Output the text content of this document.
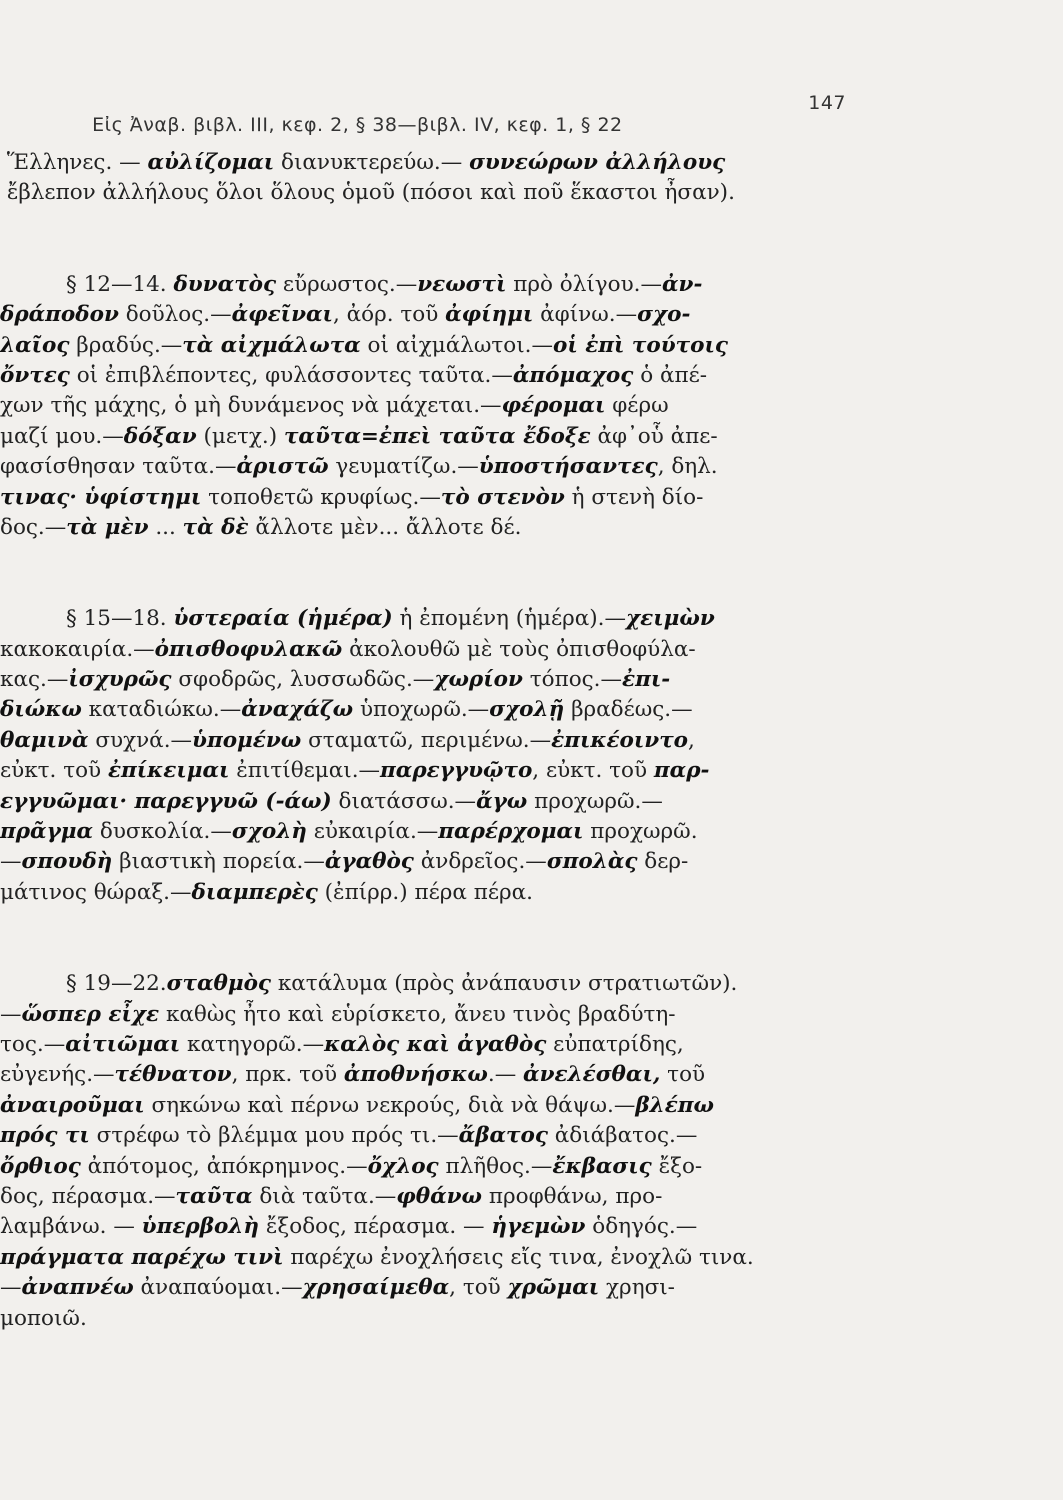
Εἰς Ἀναβ. βιβλ. ΙΙΙ, κεφ. 2, § 38—βιβλ. IV, κεφ. 1, § 22

147

Ἕλληνες. — αὐλίζομαι διανυκτερεύω.— συνεώρων ἀλλήλους
ἔβλεπον ἀλλήλους ὅλοι ὅλους ὁμοῦ (πόσοι καὶ ποῦ ἕκαστοι ἦσαν).
§ 12—14. δυνατὸς εὔρωστος.—νεωστὶ πρὸ ὀλίγου.—ἀν-
δράποδον δοῦλος.—ἀφεῖναι, ἀόρ. τοῦ ἀφίημι ἀφίνω.—σχο-
λαῖος βραδύς.—τὰ αἰχμάλωτα οἱ αἰχμάλωτοι.—οἱ ἐπὶ τούτοις
ὄντες οἱ ἐπιβλέποντες, φυλάσσοντες ταῦτα.—ἀπόμαχος ὁ ἀπέ-
χων τῆς μάχης, ὁ μὴ δυνάμενος νὰ μάχεται.—φέρομαι φέρω
μαζί μου.—δόξαν (μετχ.) ταῦτα=ἐπεὶ ταῦτα ἔδοξε ἀφ᾽οὗ ἀπε-
φασίσθησαν ταῦτα.—ἀριστῶ γευματίζω.—ὑποστήσαντες, δηλ.
τινας· ὑφίστημι τοποθετῶ κρυφίως.—τὸ στενὸν ἡ στενὴ δίο-
δος.—τὰ μὲν ... τὰ δὲ ἄλλοτε μὲν... ἄλλοτε δέ.
§ 15—18. ὑστεραία (ἡμέρα) ἡ ἐπομένη (ἡμέρα).—χειμὼν
κακοκαιρία.—ὀπισθοφυλακῶ ἀκολουθῶ μὲ τοὺς ὀπισθοφύλα-
κας.—ἰσχυρῶς σφοδρῶς, λυσσωδῶς.—χωρίον τόπος.—ἐπι-
διώκω καταδιώκω.—ἀναχάζω ὑποχωρῶ.—σχολῇ βραδέως.—
θαμινὰ συχνά.—ὑπομένω σταματῶ, περιμένω.—ἐπικέοιντο,
εὐκτ. τοῦ ἐπίκειμαι ἐπιτίθεμαι.—παρεγγυῷτο, εὐκτ. τοῦ παρ-
εγγυῶμαι· παρεγγυῶ (-άω) διατάσσω.—ἄγω προχωρῶ.—
πρᾶγμα δυσκολία.—σχολὴ εὐκαιρία.—παρέρχομαι προχωρῶ.
—σπουδὴ βιαστικὴ πορεία.—ἀγαθὸς ἀνδρεῖος.—σπολὰς δερ-
μάτινος θώραξ.—διαμπερὲς (ἐπίρρ.) πέρα πέρα.
§ 19—22.σταθμὸς κατάλυμα (πρὸς ἀνάπαυσιν στρατιωτῶν).
—ὥσπερ εἶχε καθὼς ἦτο καὶ εὑρίσκετο, ἄνευ τινὸς βραδύτη-
τος.—αἰτιῶμαι κατηγορῶ.—καλὸς καὶ ἀγαθὸς εὐπατρίδης,
εὐγενής.—τέθνατον, πρκ. τοῦ ἀποθνήσκω.— ἀνελέσθαι, τοῦ
ἀναιροῦμαι σηκώνω καὶ πέρνω νεκρούς, διὰ νὰ θάψω.—βλέπω
πρός τι στρέφω τὸ βλέμμα μου πρός τι.—ἄβατος ἀδιάβατος.—
ὄρθιος ἀπότομος, ἀπόκρημνος.—ὄχλος πλῆθος.—ἔκβασις ἔξο-
δος, πέρασμα.—ταῦτα διὰ ταῦτα.—φθάνω προφθάνω, προ-
λαμβάνω. — ὑπερβολὴ ἔξοδος, πέρασμα. — ἡγεμὼν ὁδηγός.—
πράγματα παρέχω τινὶ παρέχω ἐνοχλήσεις εἴς τινα, ἐνοχλῶ τινα.
—ἀναπνέω ἀναπαύομαι.—χρησαίμεθα, τοῦ χρῶμαι χρησι-
μοποιῶ.
